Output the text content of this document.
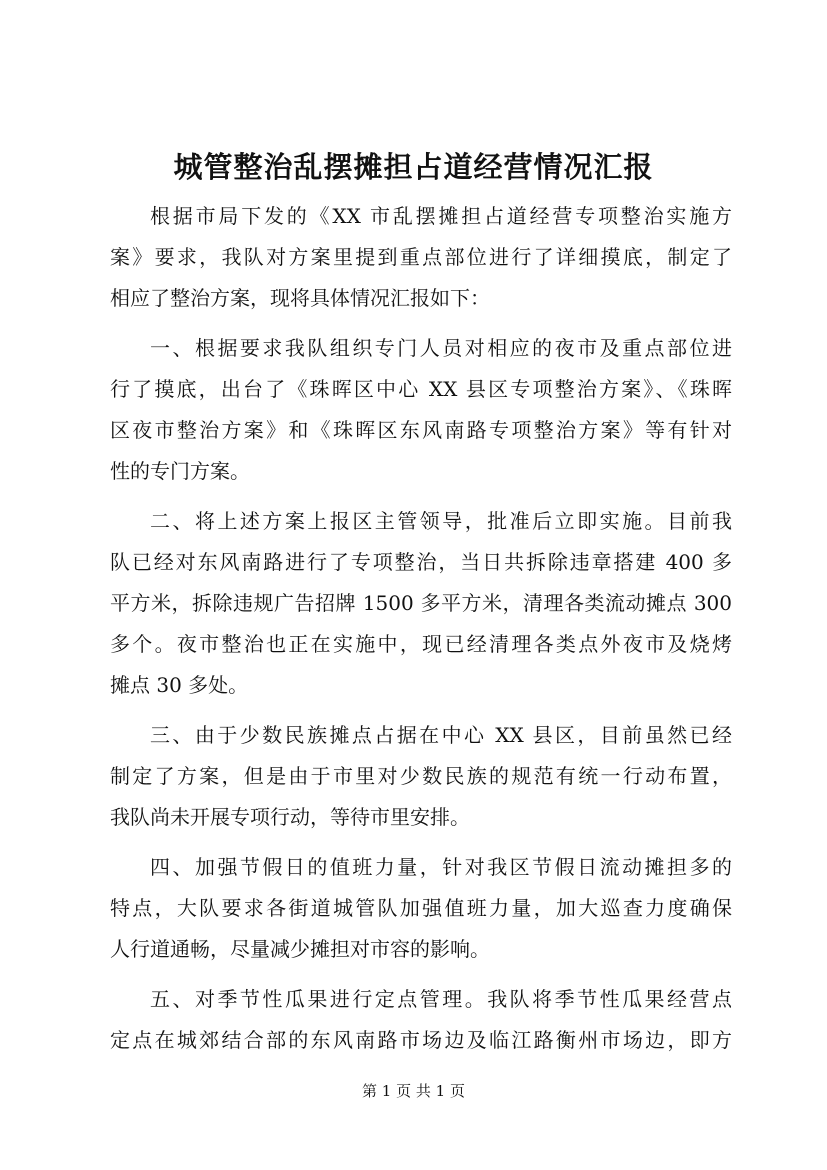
城管整治乱摆摊担占道经营情况汇报
根据市局下发的《XX 市乱摆摊担占道经营专项整治实施方
案》要求，我队对方案里提到重点部位进行了详细摸底，制定了
相应了整治方案，现将具体情况汇报如下：
一、根据要求我队组织专门人员对相应的夜市及重点部位进
行了摸底，出台了《珠晖区中心 XX 县区专项整治方案》、《珠晖
区夜市整治方案》和《珠晖区东风南路专项整治方案》等有针对
性的专门方案。
二、将上述方案上报区主管领导，批准后立即实施。目前我
队已经对东风南路进行了专项整治，当日共拆除违章搭建 400 多
平方米，拆除违规广告招牌 1500 多平方米，清理各类流动摊点 300
多个。夜市整治也正在实施中，现已经清理各类点外夜市及烧烤
摊点 30 多处。
三、由于少数民族摊点占据在中心 XX 县区，目前虽然已经
制定了方案，但是由于市里对少数民族的规范有统一行动布置，
我队尚未开展专项行动，等待市里安排。
四、加强节假日的值班力量，针对我区节假日流动摊担多的
特点，大队要求各街道城管队加强值班力量，加大巡查力度确保
人行道通畅，尽量减少摊担对市容的影响。
五、对季节性瓜果进行定点管理。我队将季节性瓜果经营点
定点在城郊结合部的东风南路市场边及临江路衡州市场边，即方
第 1 页 共 1 页
